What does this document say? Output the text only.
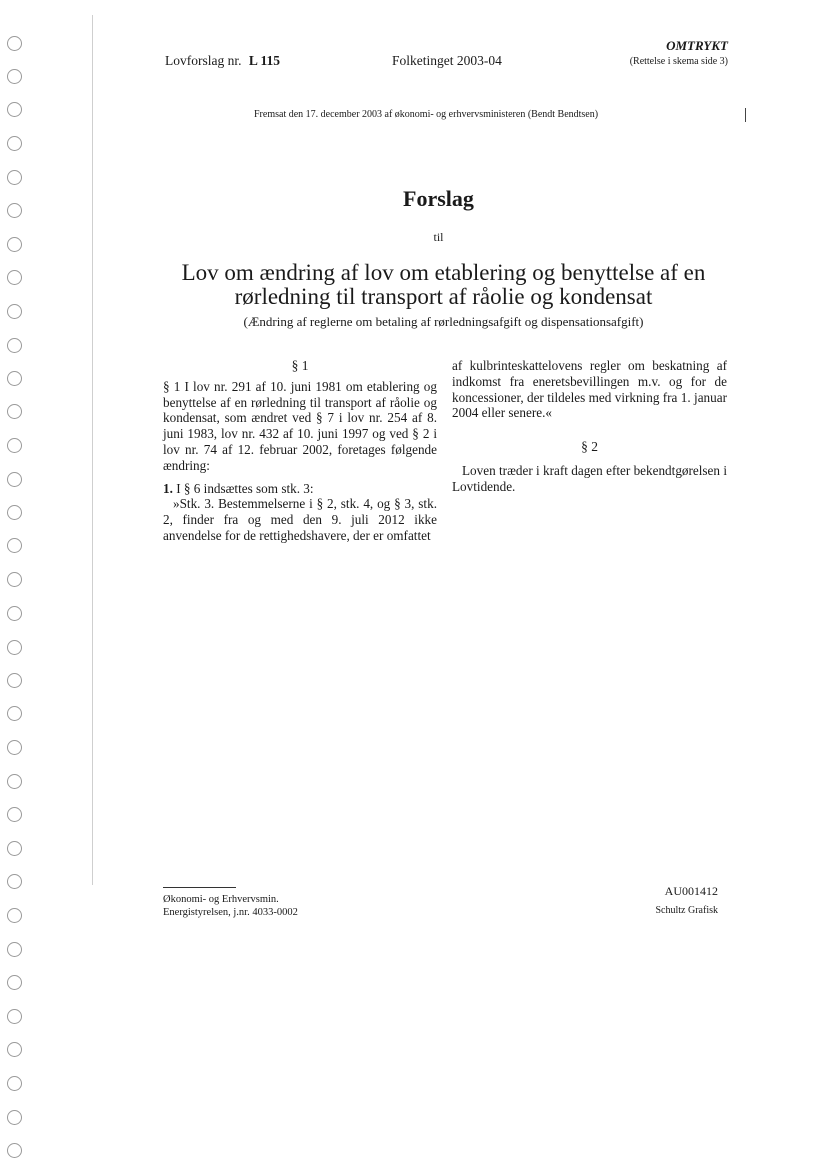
Lovforslag nr. L 115	Folketinget 2003-04
OMTRYKT
(Rettelse i skema side 3)
Fremsat den 17. december 2003 af økonomi- og erhvervsministeren (Bendt Bendtsen)
Forslag
til
Lov om ændring af lov om etablering og benyttelse af en
rørledning til transport af råolie og kondensat
(Ændring af reglerne om betaling af rørledningsafgift og dispensationsafgift)

§ 1

§ 1 I lov nr. 291 af 10. juni 1981 om etablering og benyttelse af en rørledning til transport af råolie og kondensat, som ændret ved § 7 i lov nr. 254 af 8. juni 1983, lov nr. 432 af 10. juni 1997 og ved § 2 i lov nr. 74 af 12. februar 2002, foretages følgende ændring:

1. I § 6 indsættes som stk. 3:

»Stk. 3. Bestemmelserne i § 2, stk. 4, og § 3, stk. 2, finder fra og med den 9. juli 2012 ikke anvendelse for de rettighedshavere, der er omfattet

af kulbrinteskattelovens regler om beskatning af indkomst fra eneretsbevillingen m.v. og for de koncessioner, der tildeles med virkning fra 1. januar 2004 eller senere.«

§ 2

Loven træder i kraft dagen efter bekendtgørelsen i Lovtidende.

Økonomi- og Erhvervsmin.
Energistyrelsen, j.nr. 4033-0002
AU001412
Schultz Grafisk
